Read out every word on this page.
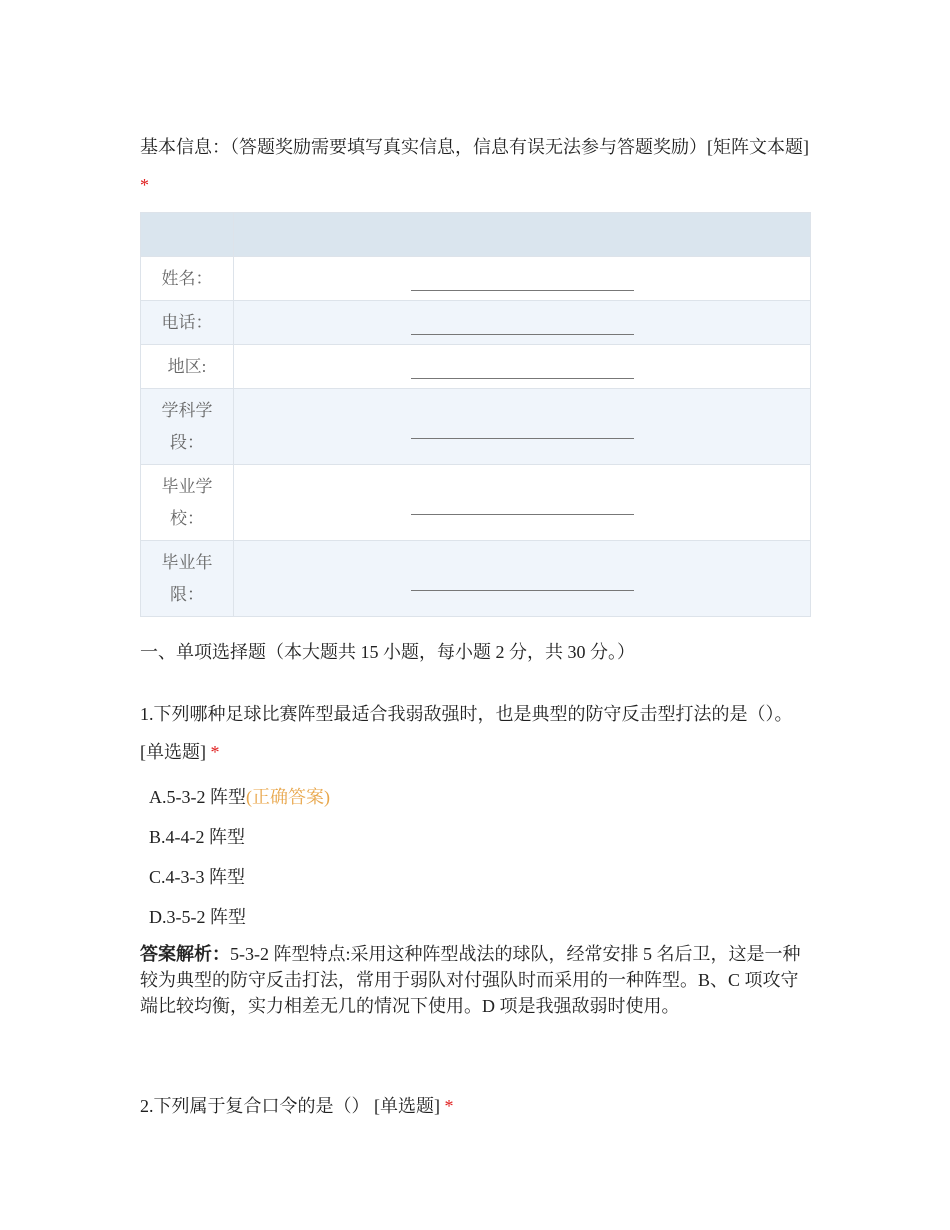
基本信息：（答题奖励需要填写真实信息，信息有误无法参与答题奖励）[矩阵文本题] *

姓名：	
电话：	
地区:	
学科学段：	
毕业学校：	
毕业年限：	
一、单项选择题（本大题共 15 小题，每小题 2 分，共 30 分。）
1.下列哪种足球比赛阵型最适合我弱敌强时，也是典型的防守反击型打法的是（）。 [单选题] *
A.5-3-2 阵型(正确答案)
B.4-4-2 阵型
C.4-3-3 阵型
D.3-5-2 阵型
答案解析：5-3-2 阵型特点:采用这种阵型战法的球队，经常安排 5 名后卫，这是一种较为典型的防守反击打法，常用于弱队对付强队时而采用的一种阵型。B、C 项攻守端比较均衡，实力相差无几的情况下使用。D 项是我强敌弱时使用。
2.下列属于复合口令的是（） [单选题] *
